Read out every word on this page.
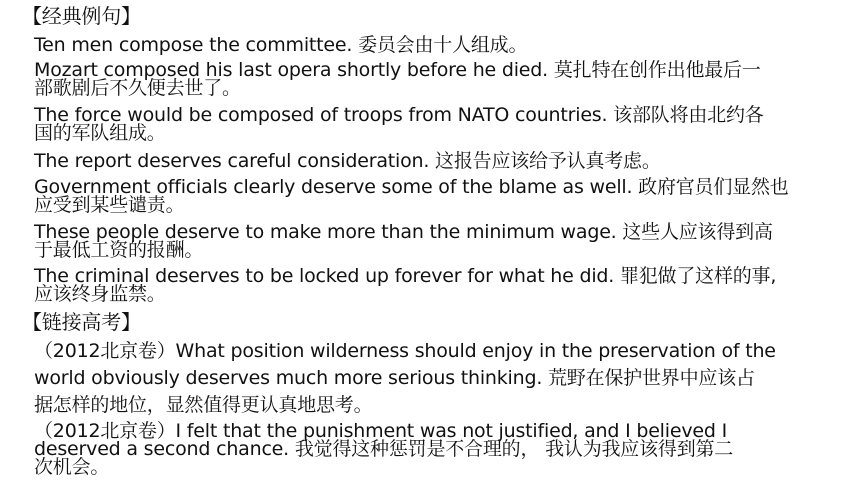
【经典例句】
Ten men compose the committee. 委员会由十人组成。
Mozart composed his last opera shortly before he died. 莫扎特在创作出他最后一
部歌剧后不久便去世了。
The force would be composed of troops from NATO countries. 该部队将由北约各
国的军队组成。
The report deserves careful consideration. 这报告应该给予认真考虑。
Government officials clearly deserve some of the blame as well. 政府官员们显然也
应受到某些谴责。
These people deserve to make more than the minimum wage. 这些人应该得到高
于最低工资的报酬。
The criminal deserves to be locked up forever for what he did. 罪犯做了这样的事,
应该终身监禁。
【链接高考】
（2012北京卷）What position wilderness should enjoy in the preservation of the
world obviously deserves much more serious thinking. 荒野在保护世界中应该占
据怎样的地位，显然值得更认真地思考。
（2012北京卷）I felt that the punishment was not justified, and I believed I
deserved a second chance. 我觉得这种惩罚是不合理的， 我认为我应该得到第二
次机会。
